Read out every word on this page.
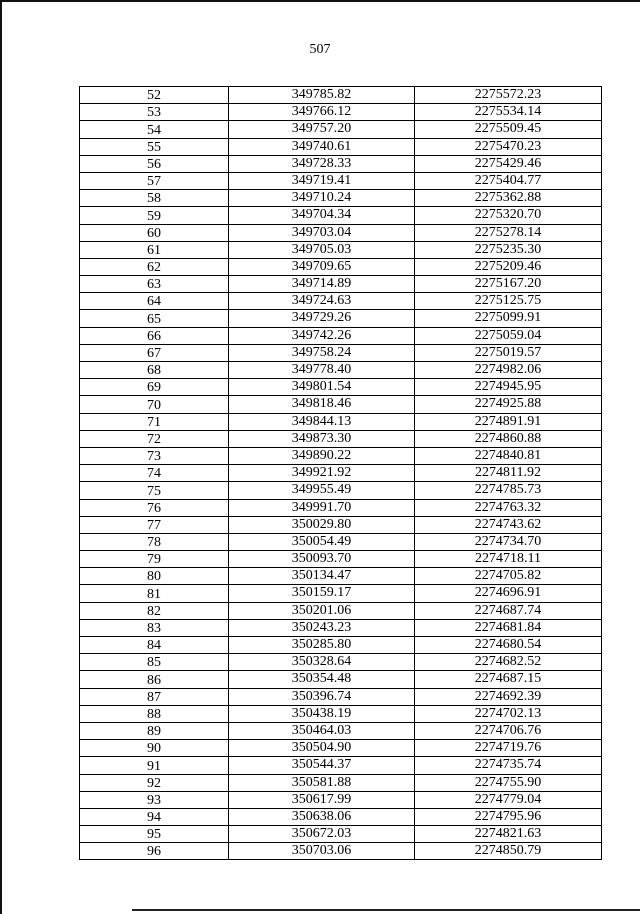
507
52	349785.82	2275572.23
53	349766.12	2275534.14
54	349757.20	2275509.45
55	349740.61	2275470.23
56	349728.33	2275429.46
57	349719.41	2275404.77
58	349710.24	2275362.88
59	349704.34	2275320.70
60	349703.04	2275278.14
61	349705.03	2275235.30
62	349709.65	2275209.46
63	349714.89	2275167.20
64	349724.63	2275125.75
65	349729.26	2275099.91
66	349742.26	2275059.04
67	349758.24	2275019.57
68	349778.40	2274982.06
69	349801.54	2274945.95
70	349818.46	2274925.88
71	349844.13	2274891.91
72	349873.30	2274860.88
73	349890.22	2274840.81
74	349921.92	2274811.92
75	349955.49	2274785.73
76	349991.70	2274763.32
77	350029.80	2274743.62
78	350054.49	2274734.70
79	350093.70	2274718.11
80	350134.47	2274705.82
81	350159.17	2274696.91
82	350201.06	2274687.74
83	350243.23	2274681.84
84	350285.80	2274680.54
85	350328.64	2274682.52
86	350354.48	2274687.15
87	350396.74	2274692.39
88	350438.19	2274702.13
89	350464.03	2274706.76
90	350504.90	2274719.76
91	350544.37	2274735.74
92	350581.88	2274755.90
93	350617.99	2274779.04
94	350638.06	2274795.96
95	350672.03	2274821.63
96	350703.06	2274850.79
